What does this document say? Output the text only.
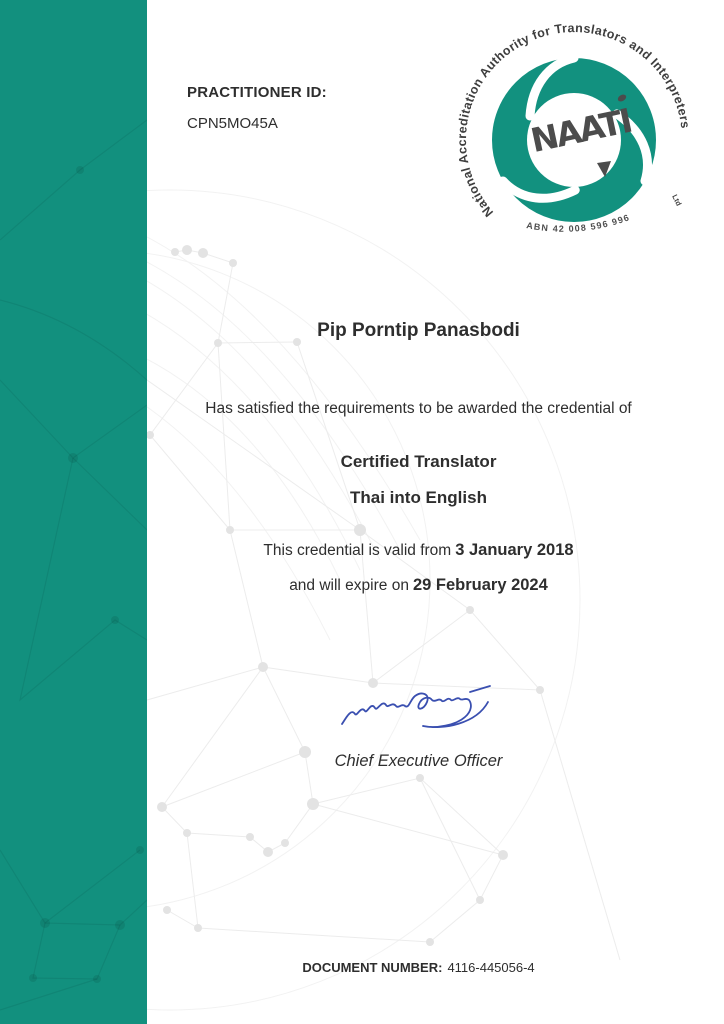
PRACTITIONER ID:
CPN5MO45A	NAATI
National Accreditation Authority for Translators and Interpreters
Ltd
ABN 42 008 596 996
Pip Porntip Panasbodi
Has satisfied the requirements to be awarded the credential of
Certified Translator
Thai into English
This credential is valid from 3 January 2018
and will expire on 29 February 2024
Chief Executive Officer
DOCUMENT NUMBER: 4116-445056-4
